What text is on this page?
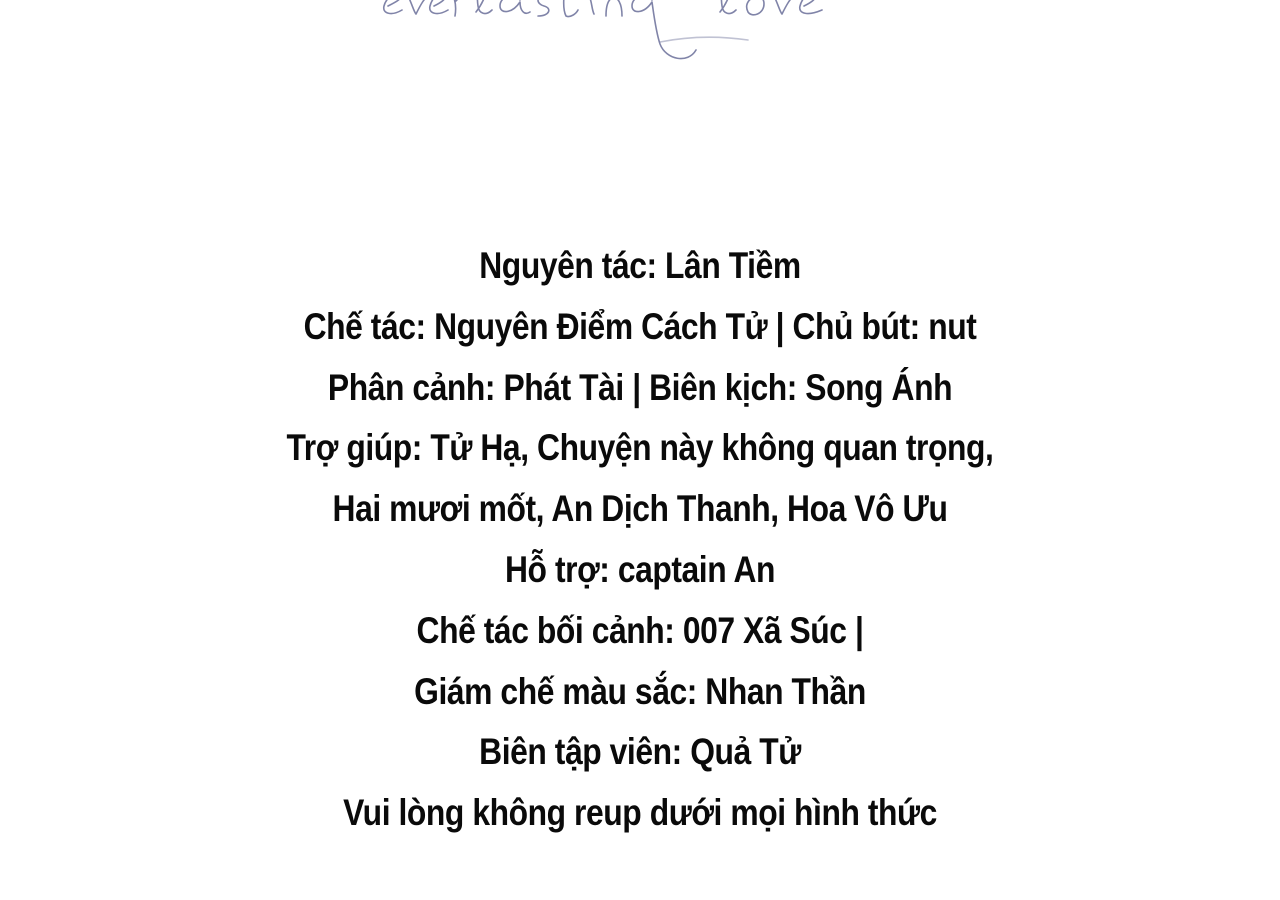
Nguyên tác: Lân Tiềm
Chế tác: Nguyên Điểm Cách Tử | Chủ bút: nut
Phân cảnh: Phát Tài | Biên kịch: Song Ánh
Trợ giúp: Tử Hạ, Chuyện này không quan trọng,
Hai mươi mốt, An Dịch Thanh, Hoa Vô Ưu
Hỗ trợ: captain An
Chế tác bối cảnh: 007 Xã Súc |
Giám chế màu sắc: Nhan Thần
Biên tập viên: Quả Tử
Vui lòng không reup dưới mọi hình thức
